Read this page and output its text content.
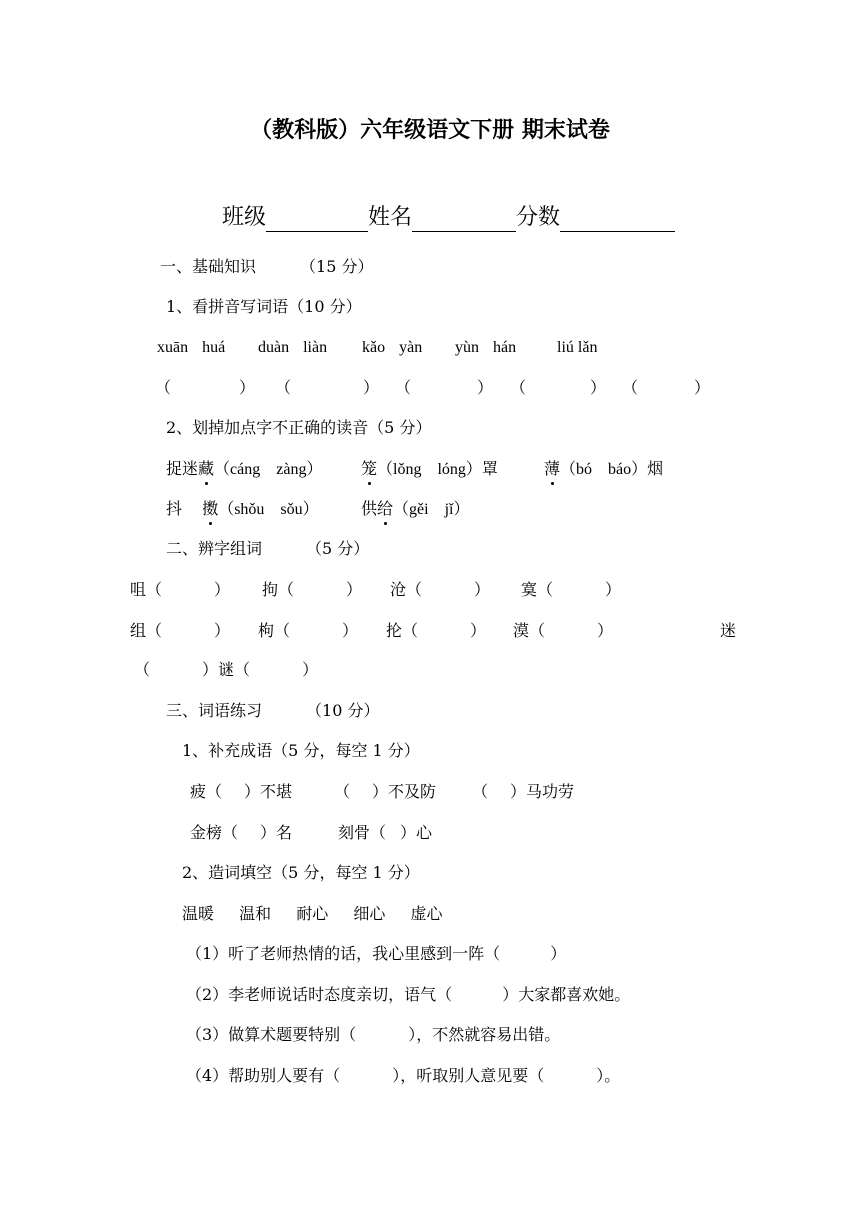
（教科版）六年级语文下册 期末试卷
班级	姓名	分数
一、基础知识	（15 分）
1、看拼音写词语（10 分）
xuān huá duàn liàn kǎo yàn yùn hán	liú lǎn
（	） （	） （	） （	） （	）
2、划掉加点字不正确的读音（5 分）
捉迷藏（cáng    zàng） 笼（lǒng    lóng）罩	薄（bó    báo）烟
抖  擞（shǒu    sǒu）	供给（gěi    jǐ）
二、辨字组词	（5 分）
咀（	） 拘（	） 沧（	） 寞（	）
组（	） 枸（	） 抡（	） 漠（	）	迷
（	）谜（	）
三、词语练习	（10 分）
1、补充成语（5 分，每空 1 分）
疲（ ）不堪	（ ）不及防 （ ）马功劳
金榜（ ）名	刻骨（ ）心
2、造词填空（5 分，每空 1 分）
温暖 温和 耐心 细心 虚心
（1）听了老师热情的话，我心里感到一阵（	）
（2）李老师说话时态度亲切，语气（	）大家都喜欢她。
（3）做算术题要特别（	），不然就容易出错。
（4）帮助别人要有（	），听取别人意见要（	）。
